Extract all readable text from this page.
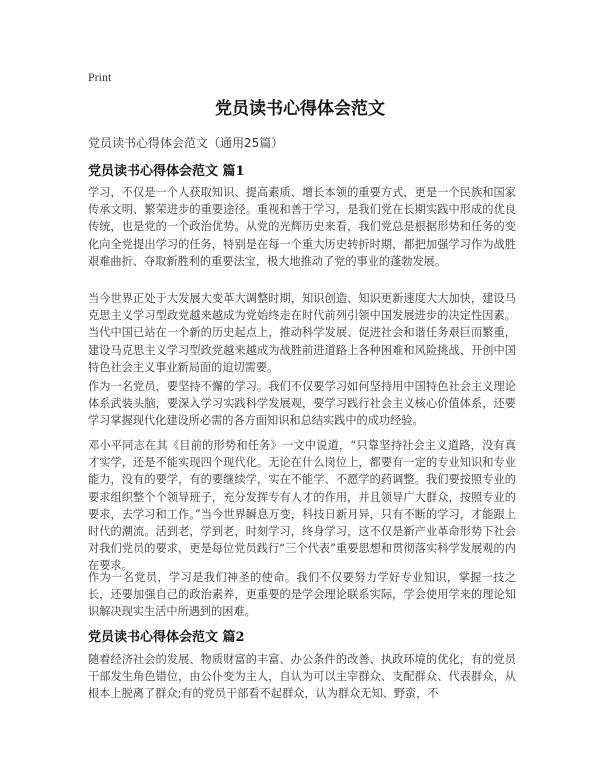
Print
党员读书心得体会范文
党员读书心得体会范文（通用25篇）
党员读书心得体会范文 篇1

学习，不仅是一个人获取知识、提高素质、增长本领的重要方式，更是一个民族和国家传承文明、繁荣进步的重要途径。重视和善于学习，是我们党在长期实践中形成的优良传统，也是党的一个政治优势。从党的光辉历史来看，我们党总是根据形势和任务的变化向全党提出学习的任务，特别是在每一个重大历史转折时期，都把加强学习作为战胜艰难曲折、夺取新胜利的重要法宝，极大地推动了党的事业的蓬勃发展。

当今世界正处于大发展大变革大调整时期，知识创造、知识更新速度大大加快，建设马克思主义学习型政党越来越成为党始终走在时代前列引领中国发展进步的决定性因素。当代中国已站在一个新的历史起点上，推动科学发展、促进社会和谐任务艰巨而繁重，建设马克思主义学习型政党越来越成为战胜前进道路上各种困难和风险挑战、开创中国特色社会主义事业新局面的迫切需要。

作为一名党员，要坚持不懈的学习。我们不仅要学习如何坚持用中国特色社会主义理论体系武装头脑，要深入学习实践科学发展观，要学习践行社会主义核心价值体系，还要学习掌握现代化建设所必需的各方面知识和总结实践中的成功经验。

邓小平同志在其《目前的形势和任务》一文中说道，“只靠坚持社会主义道路，没有真才实学，还是不能实现四个现代化。无论在什么岗位上，都要有一定的专业知识和专业能力，没有的要学，有的要继续学，实在不能学、不愿学的药调整。我们要按照专业的要求组织整个个领导班子，充分发挥专有人才的作用，并且领导广大群众，按照专业的要求，去学习和工作。”当今世界瞬息万变，科技日新月异，只有不断的学习，才能跟上时代的潮流。活到老，学到老，时刻学习，终身学习，这不仅是新产业革命形势下社会对我们党员的要求，更是每位党员践行“三个代表”重要思想和贯彻落实科学发展观的内在要求。

作为一名党员，学习是我们神圣的使命。我们不仅要努力学好专业知识，掌握一技之长，还要加强自己的政治素养，更重要的是学会理论联系实际，学会使用学来的理论知识解决现实生活中所遇到的困难。

党员读书心得体会范文 篇2

随着经济社会的发展、物质财富的丰富、办公条件的改善、执政环境的优化，有的党员干部发生角色错位，由公仆变为主人，自认为可以主宰群众、支配群众、代表群众，从根本上脱离了群众;有的党员干部看不起群众，认为群众无知、野蛮，不
